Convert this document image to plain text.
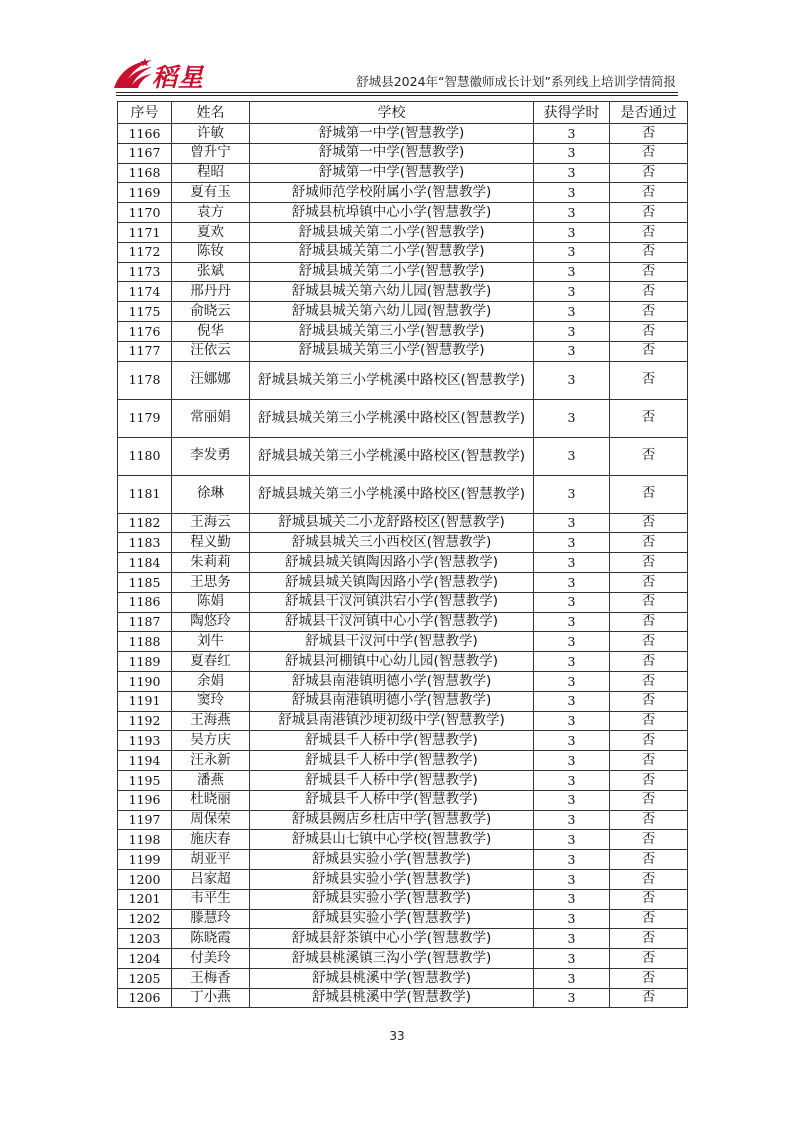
稻星	舒城县2024年“智慧徽师成长计划”系列线上培训学情简报
序号	姓名	学校	获得学时	是否通过
1166	许敏	舒城第一中学(智慧教学)	3	否
1167	曾升宁	舒城第一中学(智慧教学)	3	否
1168	程昭	舒城第一中学(智慧教学)	3	否
1169	夏有玉	舒城师范学校附属小学(智慧教学)	3	否
1170	袁方	舒城县杭埠镇中心小学(智慧教学)	3	否
1171	夏欢	舒城县城关第二小学(智慧教学)	3	否
1172	陈钕	舒城县城关第二小学(智慧教学)	3	否
1173	张斌	舒城县城关第二小学(智慧教学)	3	否
1174	邢丹丹	舒城县城关第六幼儿园(智慧教学)	3	否
1175	俞晓云	舒城县城关第六幼儿园(智慧教学)	3	否
1176	倪华	舒城县城关第三小学(智慧教学)	3	否
1177	汪依云	舒城县城关第三小学(智慧教学)	3	否
1178	汪娜娜	舒城县城关第三小学桃溪中路校区(智慧教学)	3	否
1179	常丽娟	舒城县城关第三小学桃溪中路校区(智慧教学)	3	否
1180	李发勇	舒城县城关第三小学桃溪中路校区(智慧教学)	3	否
1181	徐琳	舒城县城关第三小学桃溪中路校区(智慧教学)	3	否
1182	王海云	舒城县城关二小龙舒路校区(智慧教学)	3	否
1183	程义勤	舒城县城关三小西校区(智慧教学)	3	否
1184	朱莉莉	舒城县城关镇陶因路小学(智慧教学)	3	否
1185	王思务	舒城县城关镇陶因路小学(智慧教学)	3	否
1186	陈娟	舒城县干汊河镇洪宕小学(智慧教学)	3	否
1187	陶悠玲	舒城县干汊河镇中心小学(智慧教学)	3	否
1188	刘牛	舒城县干汊河中学(智慧教学)	3	否
1189	夏春红	舒城县河棚镇中心幼儿园(智慧教学)	3	否
1190	余娟	舒城县南港镇明德小学(智慧教学)	3	否
1191	窦玲	舒城县南港镇明德小学(智慧教学)	3	否
1192	王海燕	舒城县南港镇沙埂初级中学(智慧教学)	3	否
1193	吴方庆	舒城县千人桥中学(智慧教学)	3	否
1194	汪永新	舒城县千人桥中学(智慧教学)	3	否
1195	潘燕	舒城县千人桥中学(智慧教学)	3	否
1196	杜晓丽	舒城县千人桥中学(智慧教学)	3	否
1197	周保荣	舒城县阙店乡杜店中学(智慧教学)	3	否
1198	施庆春	舒城县山七镇中心学校(智慧教学)	3	否
1199	胡亚平	舒城县实验小学(智慧教学)	3	否
1200	吕家超	舒城县实验小学(智慧教学)	3	否
1201	韦平生	舒城县实验小学(智慧教学)	3	否
1202	滕慧玲	舒城县实验小学(智慧教学)	3	否
1203	陈晓霞	舒城县舒茶镇中心小学(智慧教学)	3	否
1204	付美玲	舒城县桃溪镇三沟小学(智慧教学)	3	否
1205	王梅香	舒城县桃溪中学(智慧教学)	3	否
1206	丁小燕	舒城县桃溪中学(智慧教学)	3	否
33
